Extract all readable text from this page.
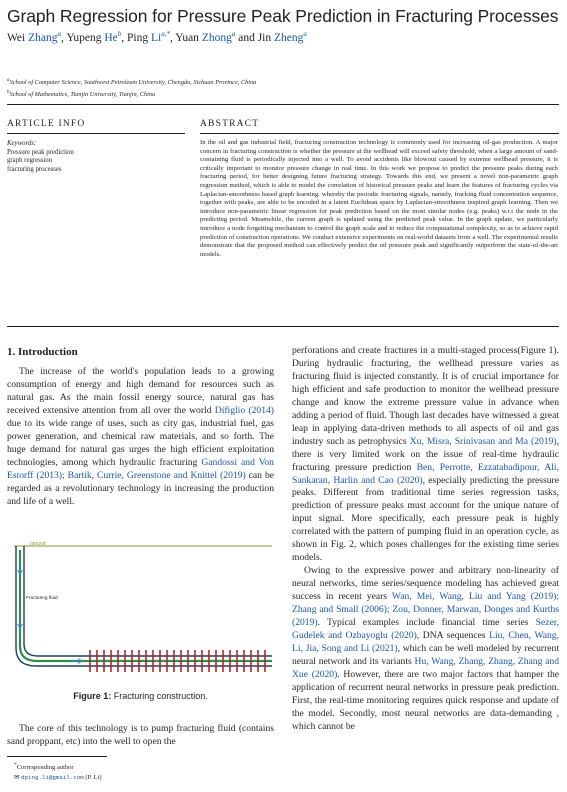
Graph Regression for Pressure Peak Prediction in Fracturing Processes
Wei Zhang$^a$, Yupeng He$^b$, Ping $Li^{a,*}$, Yuan Zhong$^a$ and Jin Zheng$^a$
$^a$School of Computer Science, Southwest Petroleum University, Chengdu, Sichuan Province, China
$^b$School of Mathematics, Tianjin University, Tianjin, China
ARTICLE INFO	ABSTRACT
Keywords:
Pressure peak prediction
graph regression
fracturing processes
In the oil and gas industrial field, fracturing construction technology is commonly used for increasing oil-gas production. A major concern in fracturing construction is whether the pressure at the wellhead will exceed safety threshold, when a large amount of sand-containing fluid is periodically injected into a well. To avoid accidents like blowout caused by extreme wellhead pressure, it is critically important to monitor pressure change in real time. In this work we propose to predict the pressure peaks during each fracturing period, for better designing future fracturing strategy. Towards this end, we present a novel non-parametric graph regression method, which is able to model the correlation of historical pressure peaks and learn the features of fracturing cycles via Laplacian-smoothness based graph learning. whereby the periodic fracturing signals, namely, fracking fluid concentration sequence, together with peaks, are able to be encoded in a latent Euclidean space by Laplacian-smoothness inspired graph learning. Then we introduce non-parametric linear regression for peak prediction based on the most similar nodes (e.g. peaks) w.r.t the node in the predicting period. Meanwhile, the current graph is updated using the predicted peak value. In the graph update, we particularly introduce a node forgetting mechanism to control the graph scale and to reduce the computational complexity, so as to achieve rapid prediction of construction operations. We conduct extensive experiments on real-world datasets from a well. The experimental results demonstrate that the proposed method can effectively predict the oil pressure peak and significantly outperform the state-of-the-art models.
1. Introduction

The increase of the world's population leads to a growing consumption of energy and high demand for resources such as natural gas. As the main fossil energy source, natural gas has received extensive attention from all over the world Difiglio (2014) due to its wide range of uses, such as city gas, industrial fuel, gas power generation, and chemical raw materials, and so forth. The huge demand for natural gas urges the high efficient exploitation technologies, among which hydraulic fracturing Gandossi and Von Estorff (2013); Bartik, Currie, Greenstone and Knittel (2019) can be regarded as a revolutionary technology in increasing the production and life of a well.

ground
Fracturing fluid
Figure 1: Fracturing construction.

The core of this technology is to pump fracturing fluid (contains sand proppant, etc) into the well to open the

*Corresponding author
✉ dping.li@gmail.com (P. Li)

perforations and create fractures in a multi-staged process(Figure 1). During hydraulic fracturing, the wellhead pressure varies as fracturing fluid is injected constantly. It is of crucial importance for high efficient and safe production to monitor the wellhead pressure change and know the extreme pressure value in advance when adding a period of fluid. Though last decades have witnessed a great leap in applying data-driven methods to all aspects of oil and gas industry such as petrophysics Xu, Misra, Srinivasan and Ma (2019), there is very limited work on the issue of real-time hydraulic fracturing pressure prediction Ben, Perrotte, Ezzatabadipour, Ali, Sankaran, Harlin and Cao (2020), especially predicting the pressure peaks. Different from traditional time series regression tasks, prediction of pressure peaks must account for the unique nature of input signal. More specifically, each pressure peak is highly correlated with the pattern of pumping fluid in an operation cycle, as shown in Fig. 2, which poses challenges for the existing time series models.

Owing to the expressive power and arbitrary non-linearity of neural networks, time series/sequence modeling has achieved great success in recent years Wan, Mei, Wang, Liu and Yang (2019); Zhang and Small (2006); Zou, Donner, Marwan, Donges and Kurths (2019). Typical examples include financial time series Sezer, Gudelek and Ozbayoglu (2020), DNA sequences Liu, Chen, Wang, Li, Jia, Song and Li (2021), which can be well modeled by recurrent neural network and its variants Hu, Wang, Zhang, Zhang, Zhang and Xue (2020). However, there are two major factors that hamper the application of recurrent neural networks in pressure peak prediction. First, the real-time monitoring requires quick response and update of the model. Secondly, most neural networks are data-demanding , which cannot be
